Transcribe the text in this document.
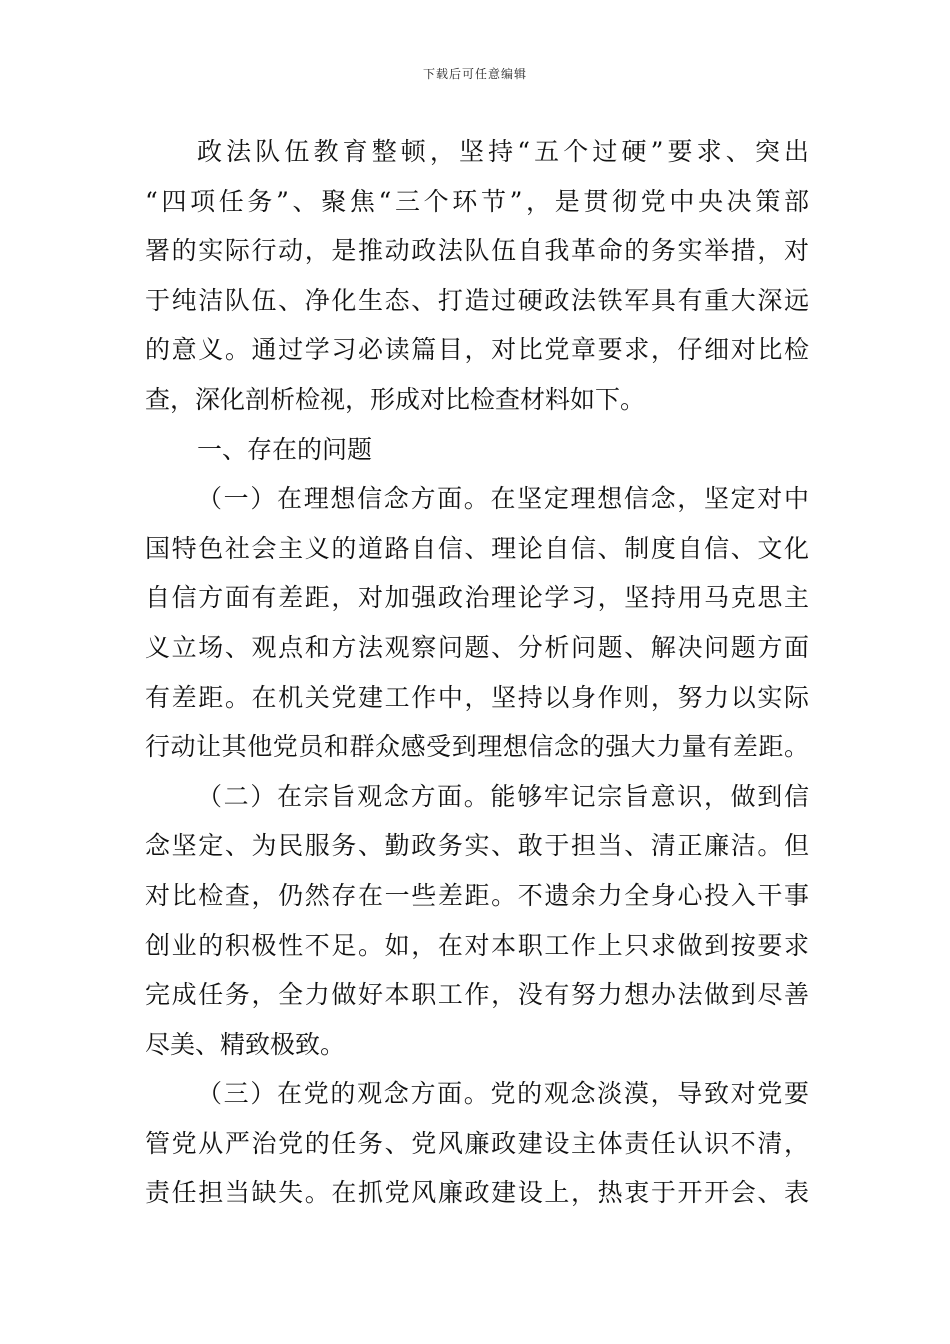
下载后可任意编辑
政法队伍教育整顿，坚持“五个过硬”要求、突出
“四项任务”、聚焦“三个环节”，是贯彻党中央决策部
署的实际行动，是推动政法队伍自我革命的务实举措，对
于纯洁队伍、净化生态、打造过硬政法铁军具有重大深远
的意义。通过学习必读篇目，对比党章要求，仔细对比检
查，深化剖析检视，形成对比检查材料如下。
一、存在的问题
（一）在理想信念方面。在坚定理想信念，坚定对中
国特色社会主义的道路自信、理论自信、制度自信、文化
自信方面有差距，对加强政治理论学习，坚持用马克思主
义立场、观点和方法观察问题、分析问题、解决问题方面
有差距。在机关党建工作中，坚持以身作则，努力以实际
行动让其他党员和群众感受到理想信念的强大力量有差距。
（二）在宗旨观念方面。能够牢记宗旨意识，做到信
念坚定、为民服务、勤政务实、敢于担当、清正廉洁。但
对比检查，仍然存在一些差距。不遗余力全身心投入干事
创业的积极性不足。如，在对本职工作上只求做到按要求
完成任务，全力做好本职工作，没有努力想办法做到尽善
尽美、精致极致。
（三）在党的观念方面。党的观念淡漠，导致对党要
管党从严治党的任务、党风廉政建设主体责任认识不清，
责任担当缺失。在抓党风廉政建设上，热衷于开开会、表
